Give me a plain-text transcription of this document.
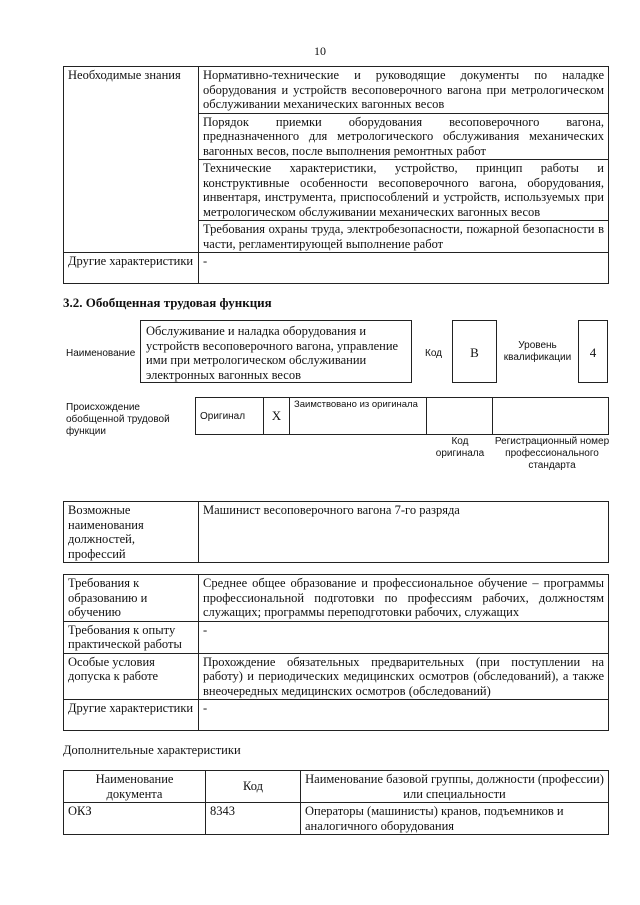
10
Необходимые знания	Нормативно-технические и руководящие документы по наладке оборудования и устройств весоповерочного вагона при метрологическом обслуживании механических вагонных весов
	Порядок приемки оборудования весоповерочного вагона, предназначенного для метрологического обслуживания механических вагонных весов, после выполнения ремонтных работ
	Технические характеристики, устройство, принцип работы и конструктивные особенности весоповерочного вагона, оборудования, инвентаря, инструмента, приспособлений и устройств, используемых при метрологическом обслуживании механических вагонных весов
	Требования охраны труда, электробезопасности, пожарной безопасности в части, регламентирующей выполнение работ
Другие характеристики	-
3.2. Обобщенная трудовая функция
Наименование
Обслуживание и наладка оборудования и устройств весоповерочного вагона, управление ими при метрологическом обслуживании электронных вагонных весов
Код	B	Уровень квалификации	4
Происхождение обобщенной трудовой функции
Оригинал	X	Заимствовано из оригинала		
Код оригинала
Регистрационный номер профессионального стандарта
Возможные наименования должностей, профессий	Машинист весоповерочного вагона 7-го разряда
Требования к образованию и обучению	Среднее общее образование и профессиональное обучение – программы профессиональной подготовки по профессиям рабочих, должностям служащих; программы переподготовки рабочих, служащих
Требования к опыту практической работы	-
Особые условия допуска к работе	Прохождение обязательных предварительных (при поступлении на работу) и периодических медицинских осмотров (обследований), а также внеочередных медицинских осмотров (обследований)
Другие характеристики	-
Дополнительные характеристики
Наименование документа	Код	Наименование базовой группы, должности (профессии) или специальности
ОКЗ	8343	Операторы (машинисты) кранов, подъемников и аналогичного оборудования
